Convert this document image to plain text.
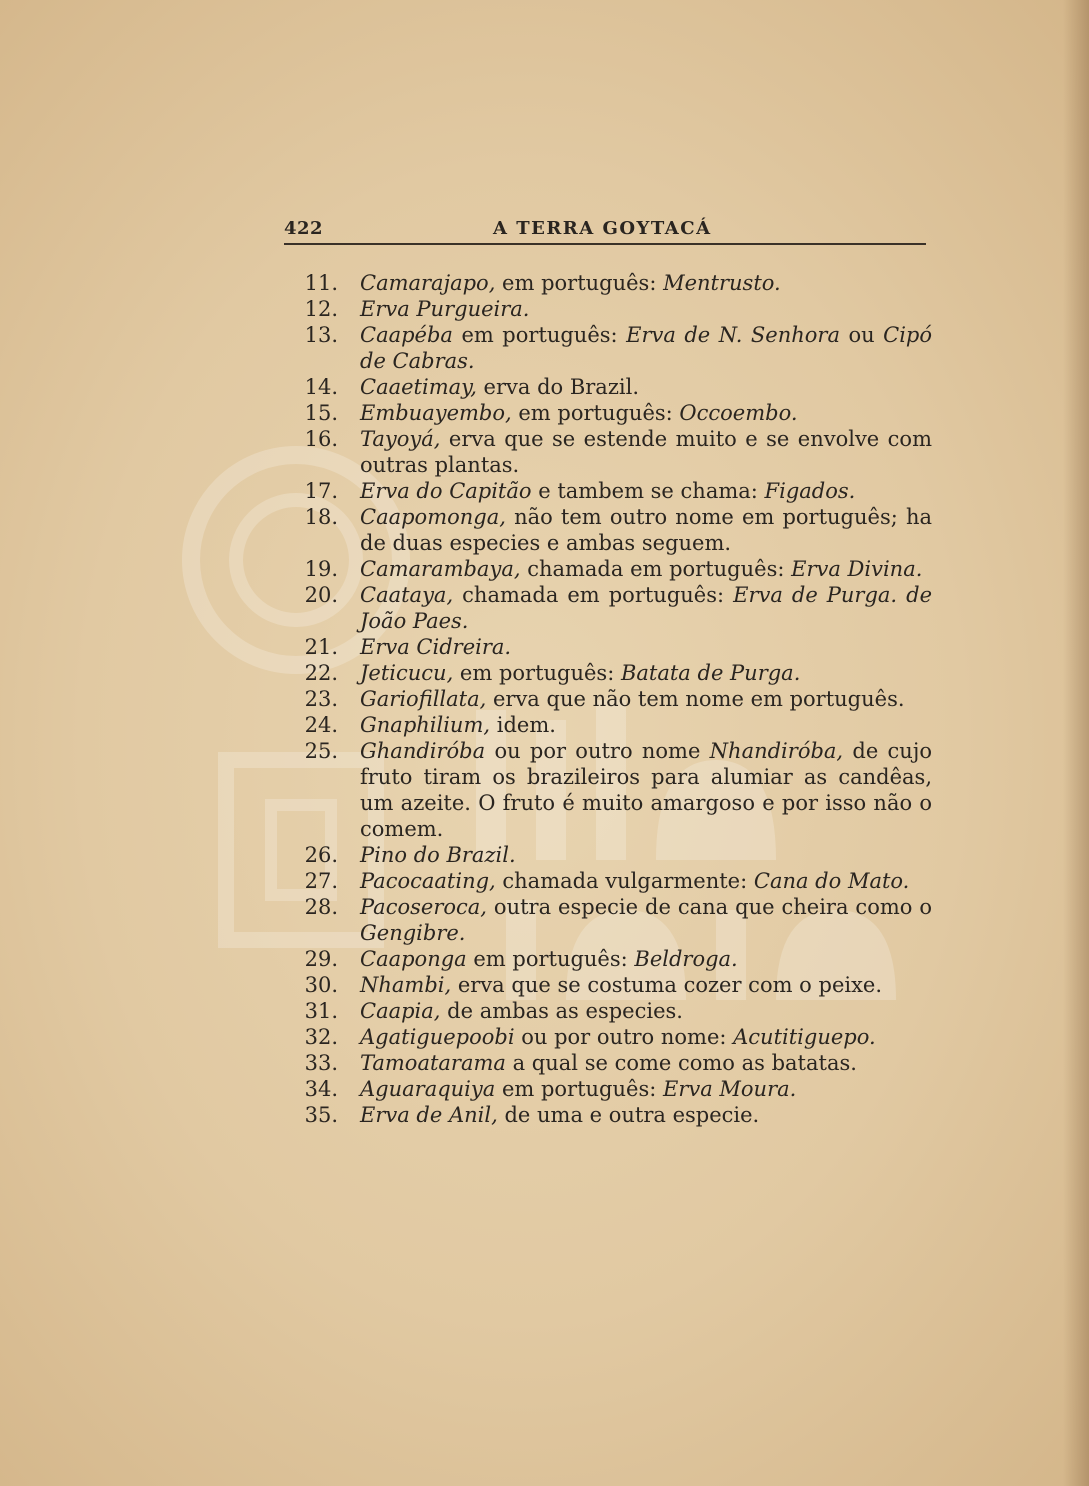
422	A TERRA GOYTACÁ
11. Camarajapo, em português: Mentrusto.
12. Erva Purgueira.
13. Caapéba em português: Erva de N. Senhora ou Cipó de Cabras.
14. Caaetimay, erva do Brazil.
15. Embuayembo, em português: Occoembo.
16. Tayoyá, erva que se estende muito e se envolve com outras plantas.
17. Erva do Capitão e tambem se chama: Figados.
18. Caapomonga, não tem outro nome em português; ha de duas especies e ambas seguem.
19. Camarambaya, chamada em português: Erva Divina.
20. Caataya, chamada em português: Erva de Purga. de João Paes.
21. Erva Cidreira.
22. Jeticucu, em português: Batata de Purga.
23. Gariofillata, erva que não tem nome em português.
24. Gnaphilium, idem.
25. Ghandiróba ou por outro nome Nhandiróba, de cujo fruto tiram os brazileiros para alumiar as candêas, um azeite. O fruto é muito amargoso e por isso não o comem.
26. Pino do Brazil.
27. Pacocaating, chamada vulgarmente: Cana do Mato.
28. Pacoseroca, outra especie de cana que cheira como o Gengibre.
29. Caaponga em português: Beldroga.
30. Nhambi, erva que se costuma cozer com o peixe.
31. Caapia, de ambas as especies.
32. Agatiguepoobi ou por outro nome: Acutitiguepo.
33. Tamoatarama a qual se come como as batatas.
34. Aguaraquiya em português: Erva Moura.
35. Erva de Anil, de uma e outra especie.
